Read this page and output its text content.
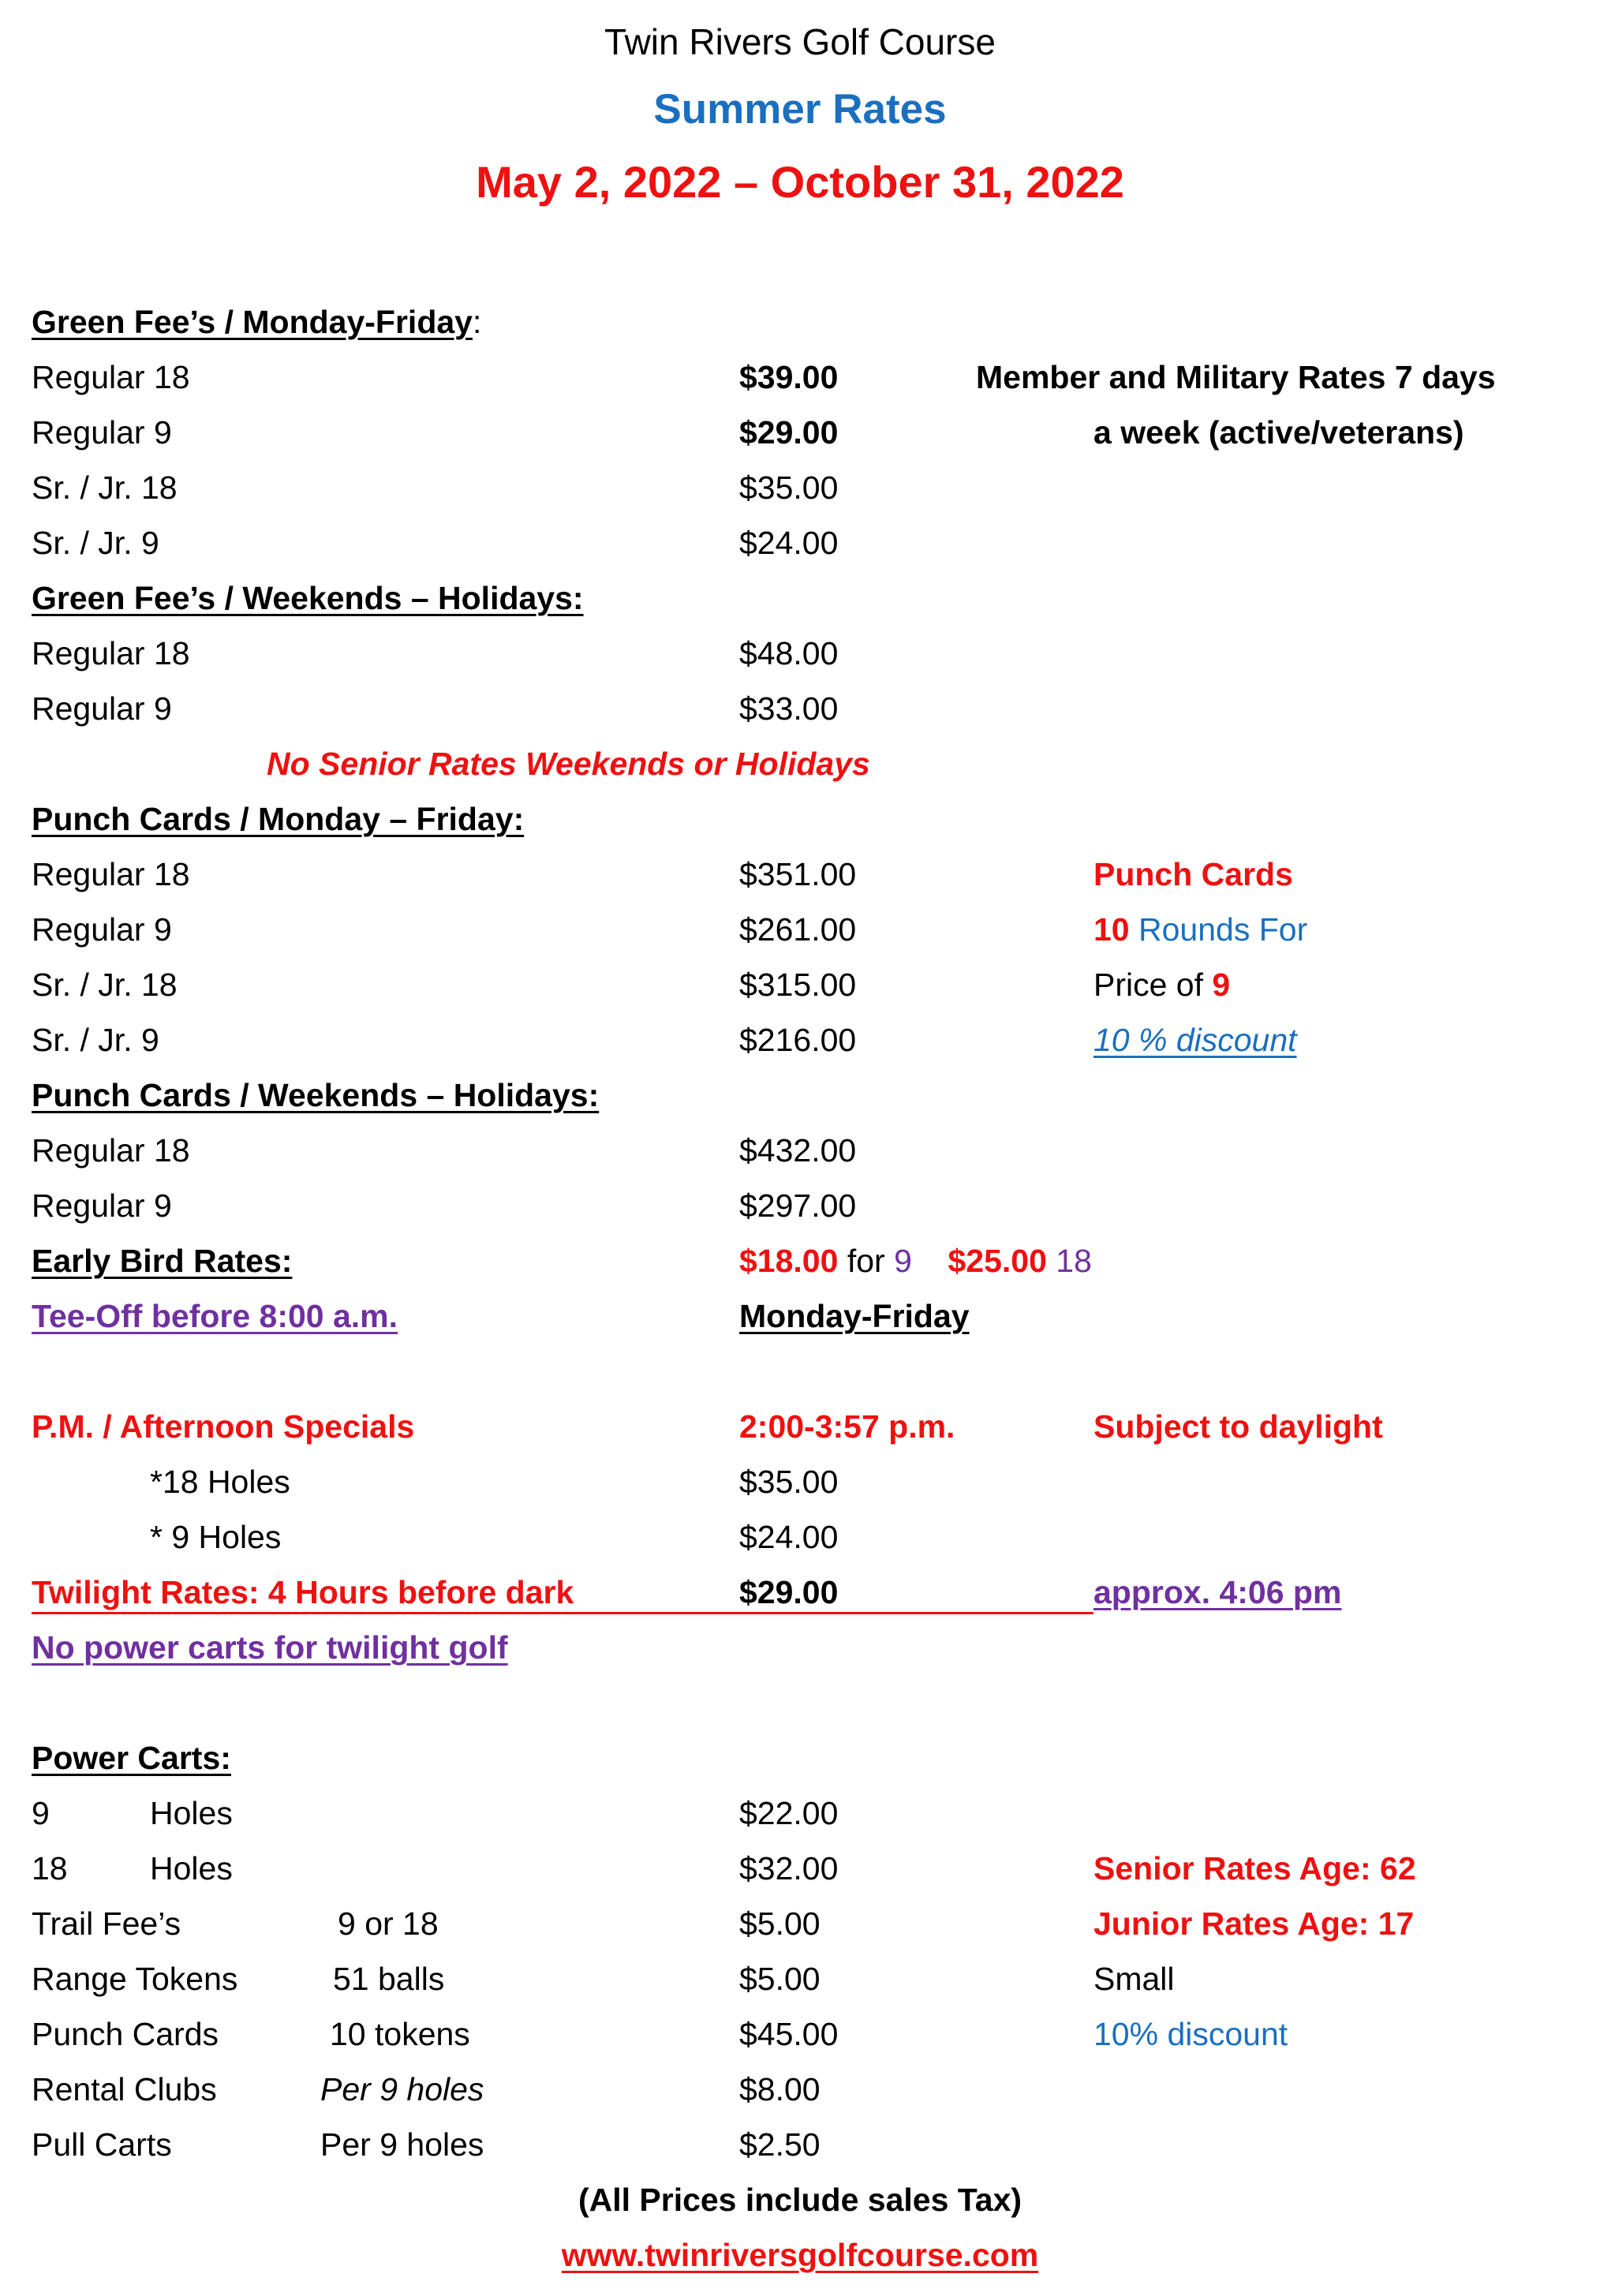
Twin Rivers Golf Course
Summer Rates
May 2, 2022 – October 31, 2022
Green Fee’s / Monday-Friday:
Regular 18	$39.00	Member and Military Rates 7 days
Regular 9	$29.00	a week (active/veterans)
Sr. / Jr. 18	$35.00
Sr. / Jr. 9	$24.00
Green Fee’s / Weekends – Holidays:
Regular 18	$48.00
Regular 9	$33.00
No Senior Rates Weekends or Holidays
Punch Cards / Monday – Friday:
Regular 18	$351.00	Punch Cards
Regular 9	$261.00	10 Rounds For
Sr. / Jr. 18	$315.00	Price of 9
Sr. / Jr. 9	$216.00	10 % discount
Punch Cards / Weekends – Holidays:
Regular 18	$432.00
Regular 9	$297.00
Early Bird Rates:	$18.00 for 9 $25.00 18
Tee-Off before 8:00 a.m.	Monday-Friday
P.M. / Afternoon Specials	2:00-3:57 p.m.	Subject to daylight
*18 Holes	$35.00
* 9 Holes	$24.00
Twilight Rates: 4 Hours before dark	$29.00	approx. 4:06 pm
No power carts for twilight golf
Power Carts:
9	Holes	$22.00
18	Holes	$32.00	Senior Rates Age: 62
Trail Fee’s	9 or 18	$5.00	Junior Rates Age: 17
Range Tokens	51 balls	$5.00	Small
Punch Cards	10 tokens	$45.00	10% discount
Rental Clubs	Per 9 holes	$8.00
Pull Carts	Per 9 holes	$2.50
(All Prices include sales Tax)
www.twinriversgolfcourse.com
